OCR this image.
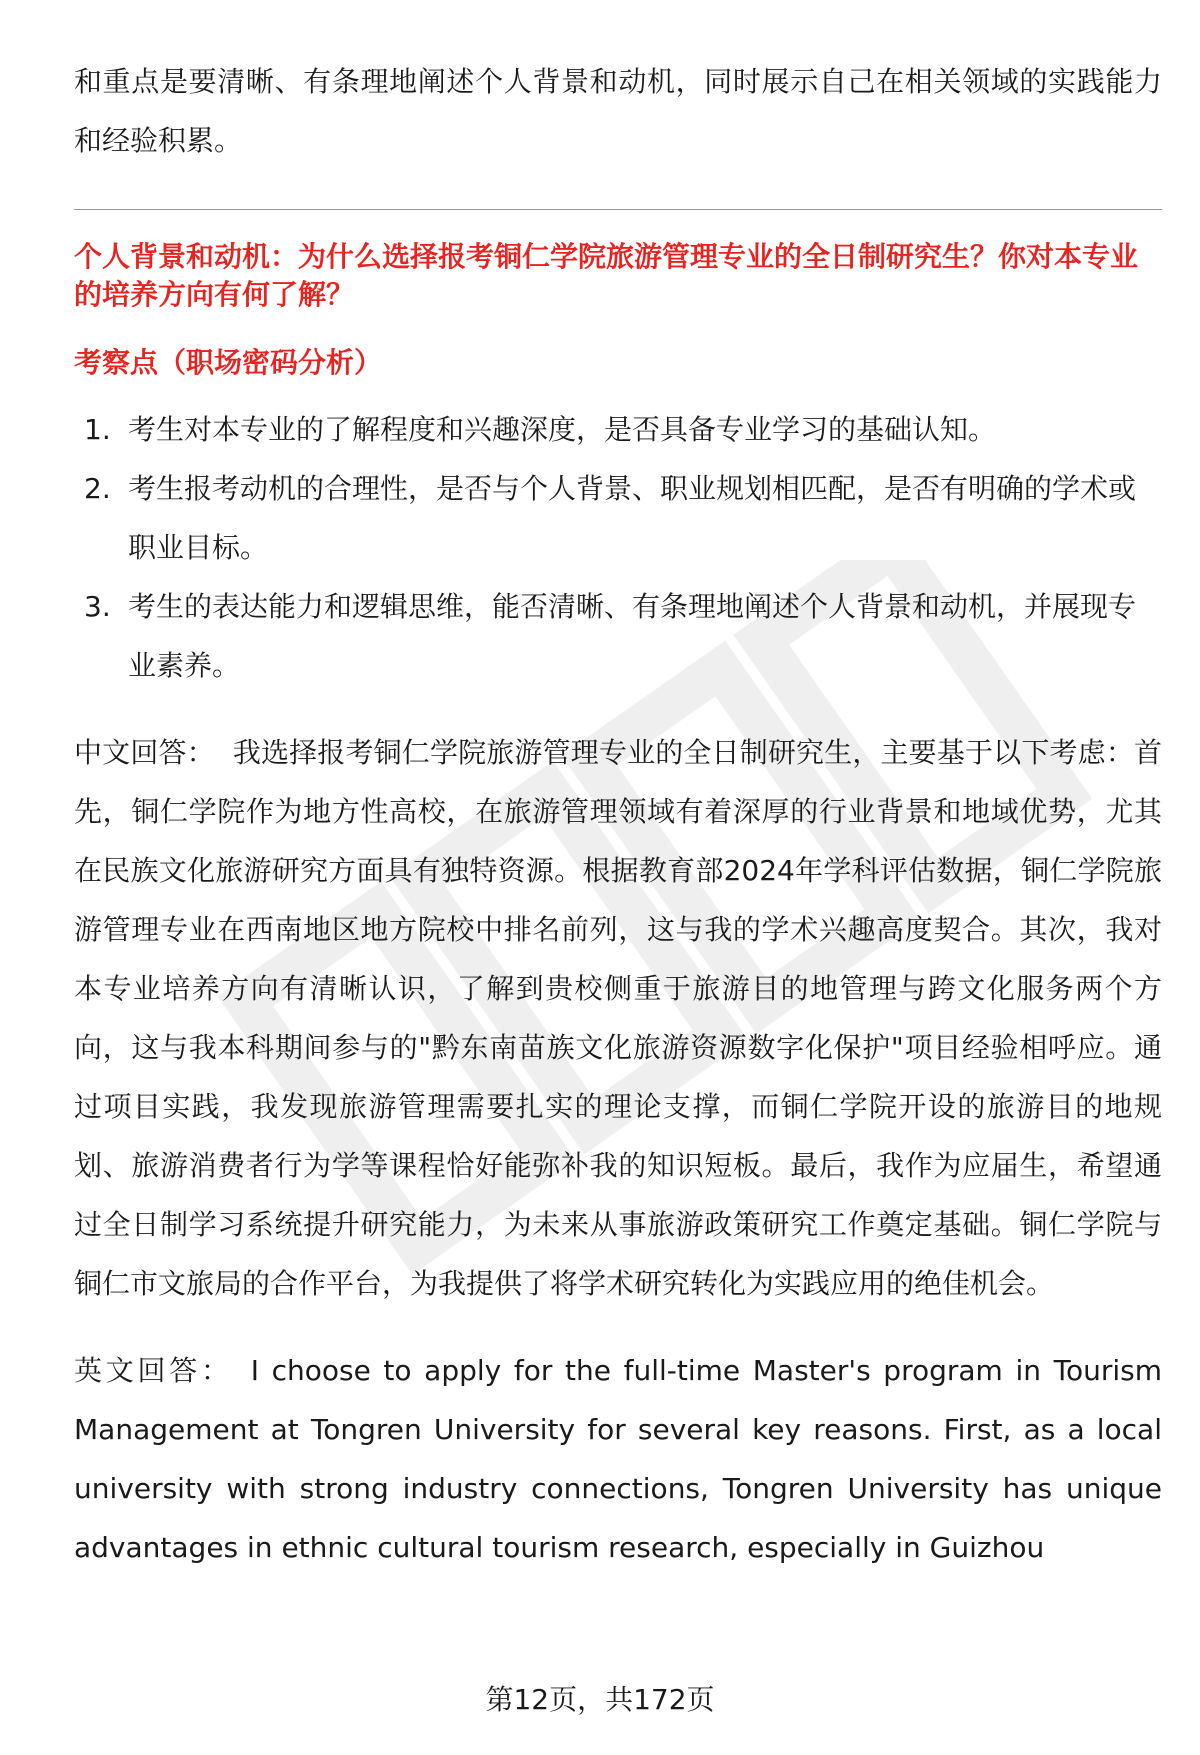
和重点是要清晰、有条理地阐述个人背景和动机，同时展示自己在相关领域的实践能力和经验积累。

个人背景和动机：为什么选择报考铜仁学院旅游管理专业的全日制研究生？你对本专业的培养方向有何了解？

考察点（职场密码分析）

1. 考生对本专业的了解程度和兴趣深度，是否具备专业学习的基础认知。
2. 考生报考动机的合理性，是否与个人背景、职业规划相匹配，是否有明确的学术或职业目标。
3. 考生的表达能力和逻辑思维，能否清晰、有条理地阐述个人背景和动机，并展现专业素养。

中文回答： 我选择报考铜仁学院旅游管理专业的全日制研究生，主要基于以下考虑：首先，铜仁学院作为地方性高校，在旅游管理领域有着深厚的行业背景和地域优势，尤其在民族文化旅游研究方面具有独特资源。根据教育部2024年学科评估数据，铜仁学院旅游管理专业在西南地区地方院校中排名前列，这与我的学术兴趣高度契合。其次，我对本专业培养方向有清晰认识，了解到贵校侧重于旅游目的地管理与跨文化服务两个方向，这与我本科期间参与的"黔东南苗族文化旅游资源数字化保护"项目经验相呼应。通过项目实践，我发现旅游管理需要扎实的理论支撑，而铜仁学院开设的旅游目的地规划、旅游消费者行为学等课程恰好能弥补我的知识短板。最后，我作为应届生，希望通过全日制学习系统提升研究能力，为未来从事旅游政策研究工作奠定基础。铜仁学院与铜仁市文旅局的合作平台，为我提供了将学术研究转化为实践应用的绝佳机会。

英文回答： I choose to apply for the full-time Master's program in Tourism Management at Tongren University for several key reasons. First, as a local university with strong industry connections, Tongren University has unique advantages in ethnic cultural tourism research, especially in Guizhou

第12页，共172页
